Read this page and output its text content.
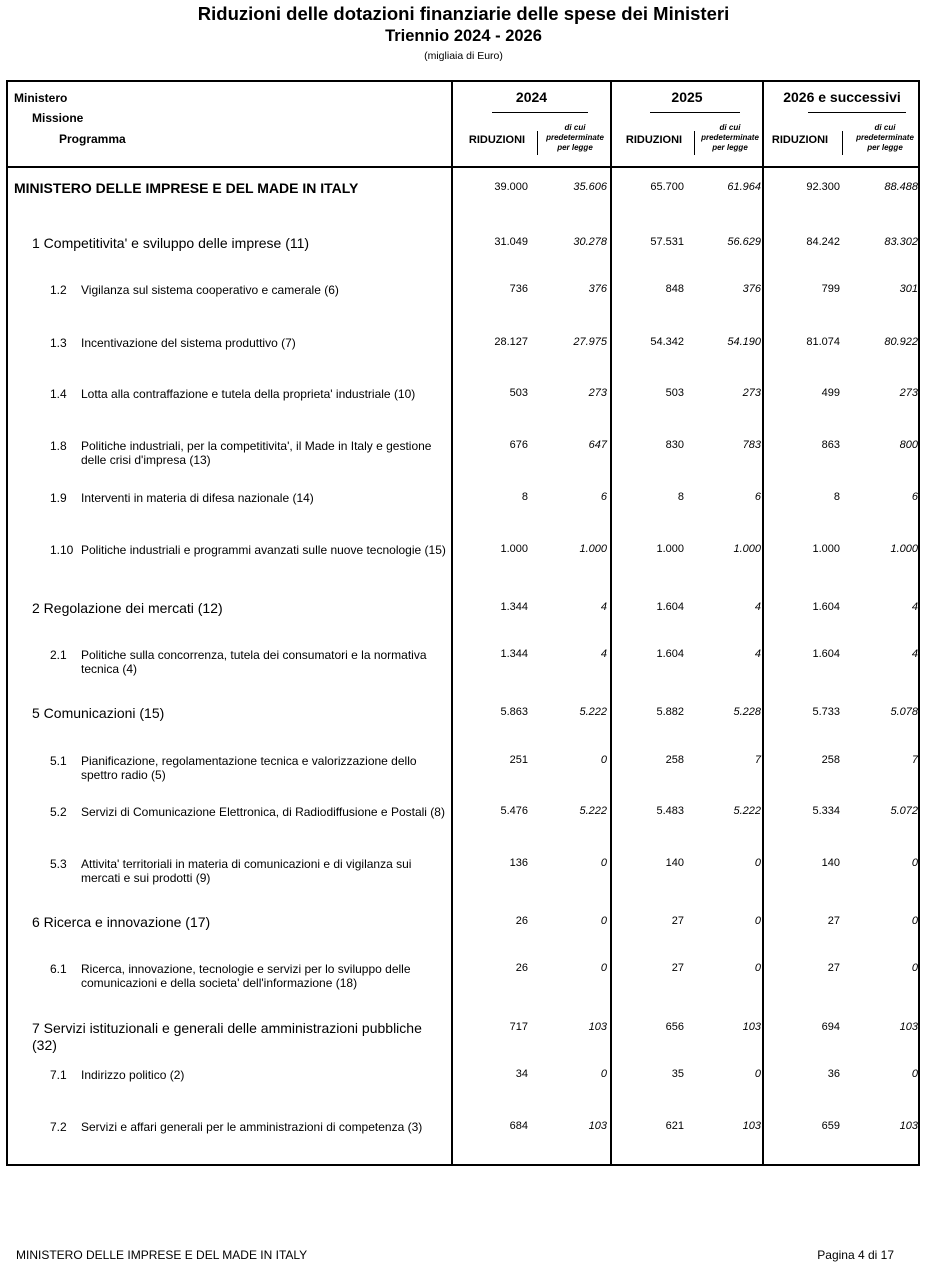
Riduzioni delle dotazioni finanziarie delle spese dei Ministeri
Triennio 2024 - 2026
(migliaia di Euro)
Ministero
Missione
Programma
2024	2025	2026 e successivi
RIDUZIONI
di cui
predeterminate
per legge
RIDUZIONI
di cui
predeterminate
per legge
RIDUZIONI
di cui
predeterminate
per legge
MINISTERO DELLE IMPRESE E DEL MADE IN ITALY	39.000	35.606	65.700	61.964	92.300	88.488
1 Competitivita' e sviluppo delle imprese (11)	31.049	30.278	57.531	56.629	84.242	83.302
1.2 Vigilanza sul sistema cooperativo e camerale (6)	736	376	848	376	799	301
1.3 Incentivazione del sistema produttivo (7)	28.127	27.975	54.342	54.190	81.074	80.922
1.4 Lotta alla contraffazione e tutela della proprieta' industriale (10)	503	273	503	273	499	273
1.8 Politiche industriali, per la competitivita', il Made in Italy e gestione delle crisi d'impresa (13)
676	647	830	783	863	800
1.9 Interventi in materia di difesa nazionale (14)	8	6	8	6	8	6
1.10 Politiche industriali e programmi avanzati sulle nuove tecnologie (15)	1.000	1.000	1.000	1.000	1.000	1.000
2 Regolazione dei mercati (12)	1.344	4	1.604	4	1.604	4
2.1 Politiche sulla concorrenza, tutela dei consumatori e la normativa tecnica (4)
1.344	4	1.604	4	1.604	4
5 Comunicazioni (15)	5.863	5.222	5.882	5.228	5.733	5.078
5.1 Pianificazione, regolamentazione tecnica e valorizzazione dello spettro radio (5)
251	0	258	7	258	7
5.2 Servizi di Comunicazione Elettronica, di Radiodiffusione e Postali (8)	5.476	5.222	5.483	5.222	5.334	5.072
5.3 Attivita' territoriali in materia di comunicazioni e di vigilanza sui mercati e sui prodotti (9)
136	0	140	0	140	0
6 Ricerca e innovazione (17)	26	0	27	0	27	0
6.1 Ricerca, innovazione, tecnologie e servizi per lo sviluppo delle comunicazioni e della societa' dell'informazione (18)
26	0	27	0	27	0
7 Servizi istituzionali e generali delle amministrazioni pubbliche (32)
717	103	656	103	694	103
7.1 Indirizzo politico (2)	34	0	35	0	36	0
7.2 Servizi e affari generali per le amministrazioni di competenza (3)	684	103	621	103	659	103
MINISTERO DELLE IMPRESE E DEL MADE IN ITALY	Pagina 4 di 17
